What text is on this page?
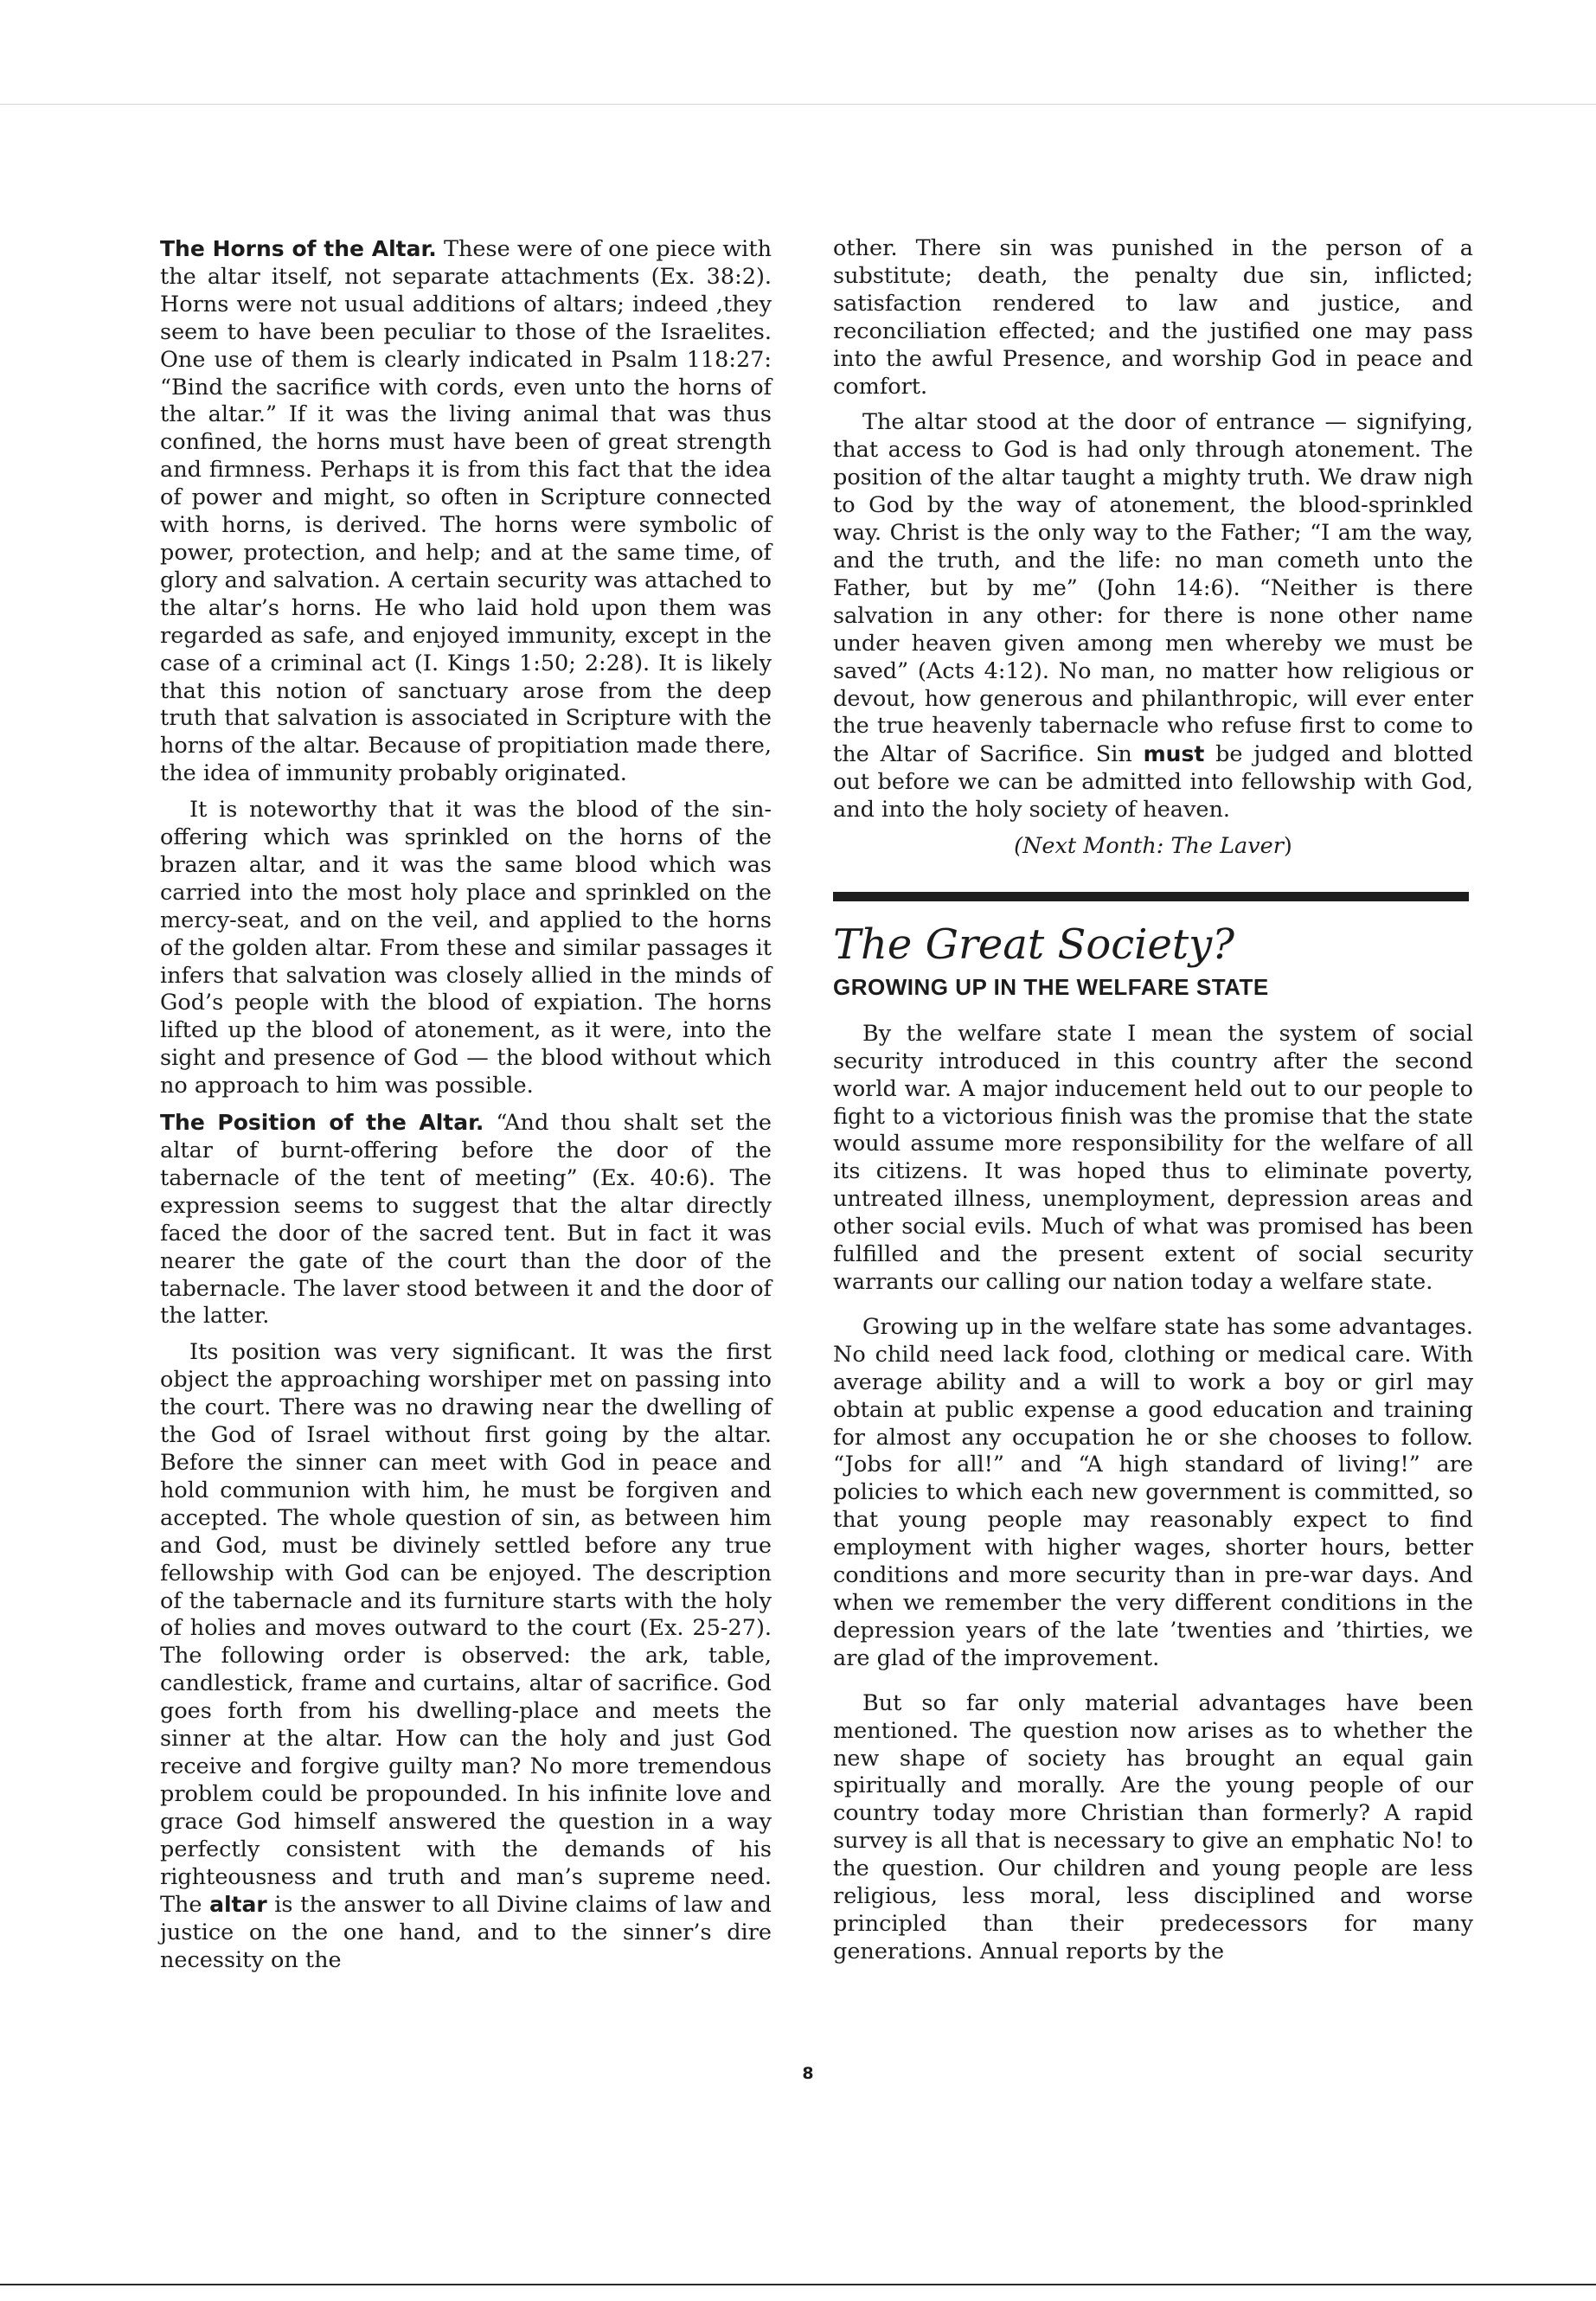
The Horns of the Altar. These were of one piece with the altar itself, not separate attachments (Ex. 38:2). Horns were not usual additions of altars; indeed ,they seem to have been peculiar to those of the Israelites. One use of them is clearly indicated in Psalm 118:27: “Bind the sacrifice with cords, even unto the horns of the altar.” If it was the living animal that was thus confined, the horns must have been of great strength and firmness. Perhaps it is from this fact that the idea of power and might, so often in Scripture connected with horns, is derived. The horns were symbolic of power, protection, and help; and at the same time, of glory and salvation. A certain security was attached to the altar’s horns. He who laid hold upon them was regarded as safe, and enjoyed immunity, except in the case of a criminal act (I. Kings 1:50; 2:28). It is likely that this notion of sanctuary arose from the deep truth that salvation is associated in Scripture with the horns of the altar. Because of propitiation made there, the idea of immunity probably originated.

It is noteworthy that it was the blood of the sin-offering which was sprinkled on the horns of the brazen altar, and it was the same blood which was carried into the most holy place and sprinkled on the mercy-seat, and on the veil, and applied to the horns of the golden altar. From these and similar passages it infers that salvation was closely allied in the minds of God’s people with the blood of expiation. The horns lifted up the blood of atonement, as it were, into the sight and presence of God — the blood without which no approach to him was possible.

The Position of the Altar. “And thou shalt set the altar of burnt-offering before the door of the tabernacle of the tent of meeting” (Ex. 40:6). The expression seems to suggest that the altar directly faced the door of the sacred tent. But in fact it was nearer the gate of the court than the door of the tabernacle. The laver stood between it and the door of the latter.

Its position was very significant. It was the first object the approaching worshiper met on passing into the court. There was no drawing near the dwelling of the God of Israel without first going by the altar. Before the sinner can meet with God in peace and hold communion with him, he must be forgiven and accepted. The whole question of sin, as between him and God, must be divinely settled before any true fellowship with God can be enjoyed. The description of the tabernacle and its furniture starts with the holy of holies and moves outward to the court (Ex. 25-27). The following order is observed: the ark, table, candlestick, frame and curtains, altar of sacrifice. God goes forth from his dwelling-place and meets the sinner at the altar. How can the holy and just God receive and forgive guilty man? No more tremendous problem could be propounded. In his infinite love and grace God himself answered the question in a way perfectly consistent with the demands of his righteousness and truth and man’s supreme need. The altar is the answer to all Divine claims of law and justice on the one hand, and to the sinner’s dire necessity on the

other. There sin was punished in the person of a substitute; death, the penalty due sin, inflicted; satisfaction rendered to law and justice, and reconciliation effected; and the justified one may pass into the awful Presence, and worship God in peace and comfort.

The altar stood at the door of entrance — signifying, that access to God is had only through atonement. The position of the altar taught a mighty truth. We draw nigh to God by the way of atonement, the blood-sprinkled way. Christ is the only way to the Father; “I am the way, and the truth, and the life: no man cometh unto the Father, but by me” (John 14:6). “Neither is there salvation in any other: for there is none other name under heaven given among men whereby we must be saved” (Acts 4:12). No man, no matter how religious or devout, how generous and philanthropic, will ever enter the true heavenly tabernacle who refuse first to come to the Altar of Sacrifice. Sin must be judged and blotted out before we can be admitted into fellowship with God, and into the holy society of heaven.

(Next Month: The Laver)

The Great Society?
GROWING UP IN THE WELFARE STATE

By the welfare state I mean the system of social security introduced in this country after the second world war. A major inducement held out to our people to fight to a victorious finish was the promise that the state would assume more responsibility for the welfare of all its citizens. It was hoped thus to eliminate poverty, untreated illness, unemployment, depression areas and other social evils. Much of what was promised has been fulfilled and the present extent of social security warrants our calling our nation today a welfare state.

Growing up in the welfare state has some advantages. No child need lack food, clothing or medical care. With average ability and a will to work a boy or girl may obtain at public expense a good education and training for almost any occupation he or she chooses to follow. “Jobs for all!” and “A high standard of living!” are policies to which each new government is committed, so that young people may reasonably expect to find employment with higher wages, shorter hours, better conditions and more security than in pre-war days. And when we remember the very different conditions in the depression years of the late ’twenties and ’thirties, we are glad of the improvement.

But so far only material advantages have been mentioned. The question now arises as to whether the new shape of society has brought an equal gain spiritually and morally. Are the young people of our country today more Christian than formerly? A rapid survey is all that is necessary to give an emphatic No! to the question. Our children and young people are less religious, less moral, less disciplined and worse principled than their predecessors for many generations. Annual reports by the

8
